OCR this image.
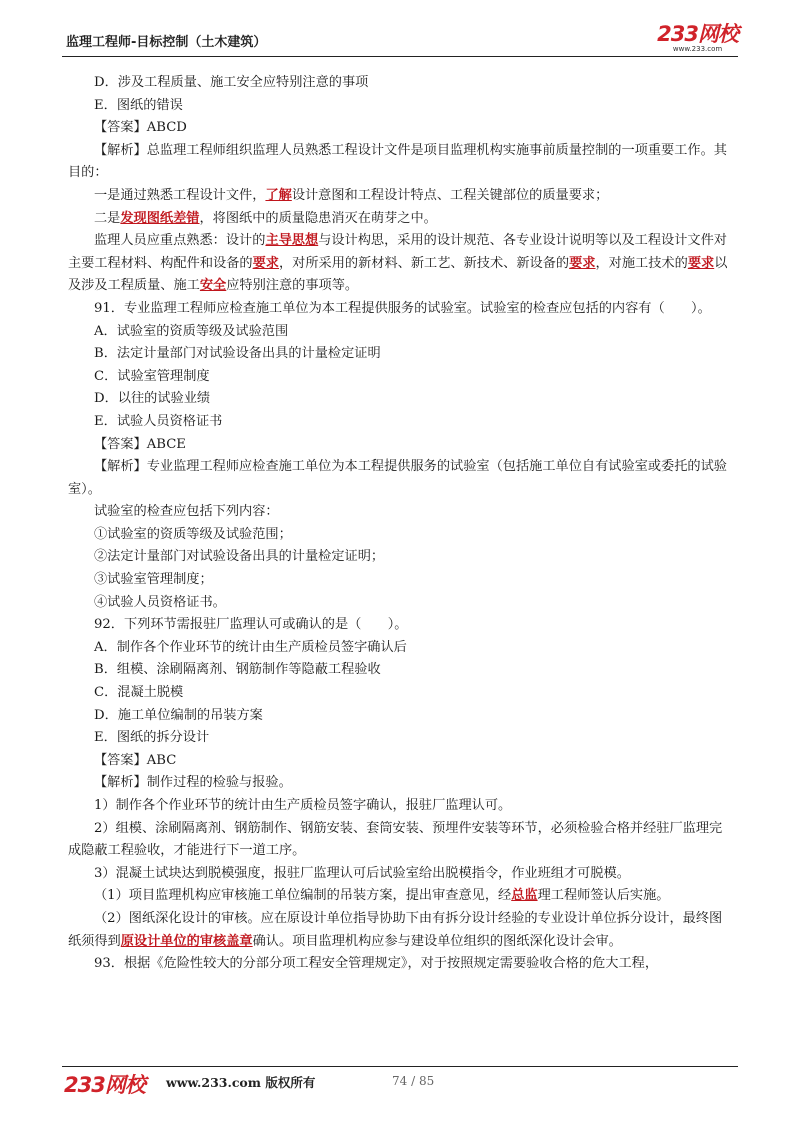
监理工程师-目标控制（土木建筑）	233网校
www.233.com

D．涉及工程质量、施工安全应特别注意的事项

E．图纸的错误

【答案】ABCD

【解析】总监理工程师组织监理人员熟悉工程设计文件是项目监理机构实施事前质量控制的一项重要工作。其目的：

一是通过熟悉工程设计文件，了解设计意图和工程设计特点、工程关键部位的质量要求；

二是发现图纸差错，将图纸中的质量隐患消灭在萌芽之中。

监理人员应重点熟悉：设计的主导思想与设计构思，采用的设计规范、各专业设计说明等以及工程设计文件对主要工程材料、构配件和设备的要求，对所采用的新材料、新工艺、新技术、新设备的要求，对施工技术的要求以及涉及工程质量、施工安全应特别注意的事项等。

91．专业监理工程师应检查施工单位为本工程提供服务的试验室。试验室的检查应包括的内容有（　　）。

A．试验室的资质等级及试验范围

B．法定计量部门对试验设备出具的计量检定证明

C．试验室管理制度

D．以往的试验业绩

E．试验人员资格证书

【答案】ABCE

【解析】专业监理工程师应检查施工单位为本工程提供服务的试验室（包括施工单位自有试验室或委托的试验室）。

试验室的检查应包括下列内容：

①试验室的资质等级及试验范围；

②法定计量部门对试验设备出具的计量检定证明；

③试验室管理制度；

④试验人员资格证书。

92．下列环节需报驻厂监理认可或确认的是（　　）。

A．制作各个作业环节的统计由生产质检员签字确认后

B．组模、涂刷隔离剂、钢筋制作等隐蔽工程验收

C．混凝土脱模

D．施工单位编制的吊装方案

E．图纸的拆分设计

【答案】ABC

【解析】制作过程的检验与报验。

1）制作各个作业环节的统计由生产质检员签字确认，报驻厂监理认可。

2）组模、涂刷隔离剂、钢筋制作、钢筋安装、套筒安装、预埋件安装等环节，必须检验合格并经驻厂监理完成隐蔽工程验收，才能进行下一道工序。

3）混凝土试块达到脱模强度，报驻厂监理认可后试验室给出脱模指令，作业班组才可脱模。

（1）项目监理机构应审核施工单位编制的吊装方案，提出审查意见，经总监理工程师签认后实施。

（2）图纸深化设计的审核。应在原设计单位指导协助下由有拆分设计经验的专业设计单位拆分设计，最终图纸须得到原设计单位的审核盖章确认。项目监理机构应参与建设单位组织的图纸深化设计会审。

93．根据《危险性较大的分部分项工程安全管理规定》，对于按照规定需要验收合格的危大工程，

233网校 www.233.com 版权所有	74 / 85
